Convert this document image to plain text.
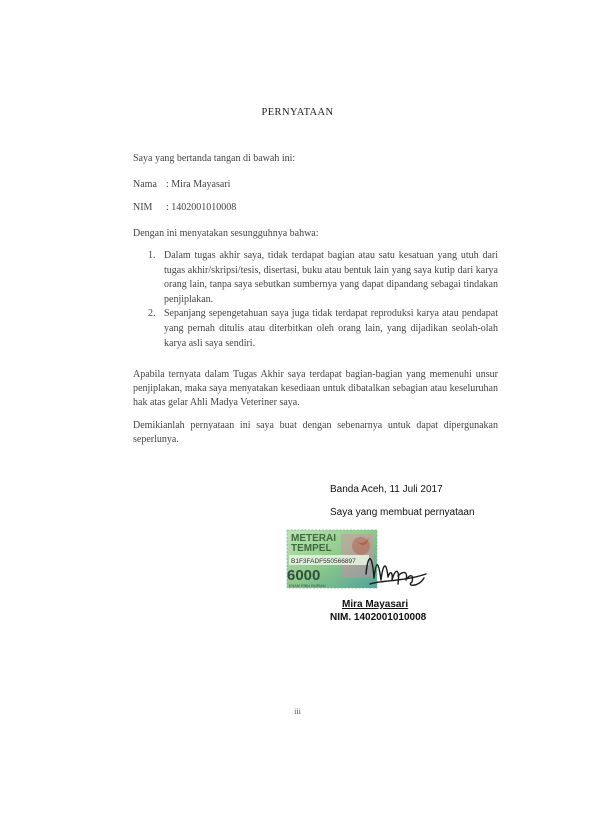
PERNYATAAN
Saya yang bertanda tangan di bawah ini:
Nama : Mira Mayasari
NIM : 1402001010008
Dengan ini menyatakan sesungguhnya bahwa:
1. Dalam tugas akhir saya, tidak terdapat bagian atau satu kesatuan yang utuh dari tugas akhir/skripsi/tesis, disertasi, buku atau bentuk lain yang saya kutip dari karya orang lain, tanpa saya sebutkan sumbernya yang dapat dipandang sebagai tindakan penjiplakan.
2. Sepanjang sepengetahuan saya juga tidak terdapat reproduksi karya atau pendapat yang pernah ditulis atau diterbitkan oleh orang lain, yang dijadikan seolah-olah karya asli saya sendiri.
Apabila ternyata dalam Tugas Akhir saya terdapat bagian-bagian yang memenuhi unsur penjiplakan, maka saya menyatakan kesediaan untuk dibatalkan sebagian atau keseluruhan hak atas gelar Ahli Madya Veteriner saya.
Demikianlah pernyataan ini saya buat dengan sebenarnya untuk dapat dipergunakan seperlunya.
Banda Aceh, 11 Juli 2017
Saya yang membuat pernyataan
METERAI
TEMPEL
B1F3FADF550566897
6000
ENAM RIBU RUPIAH
Mira Mayasari
NIM. 1402001010008
iii
